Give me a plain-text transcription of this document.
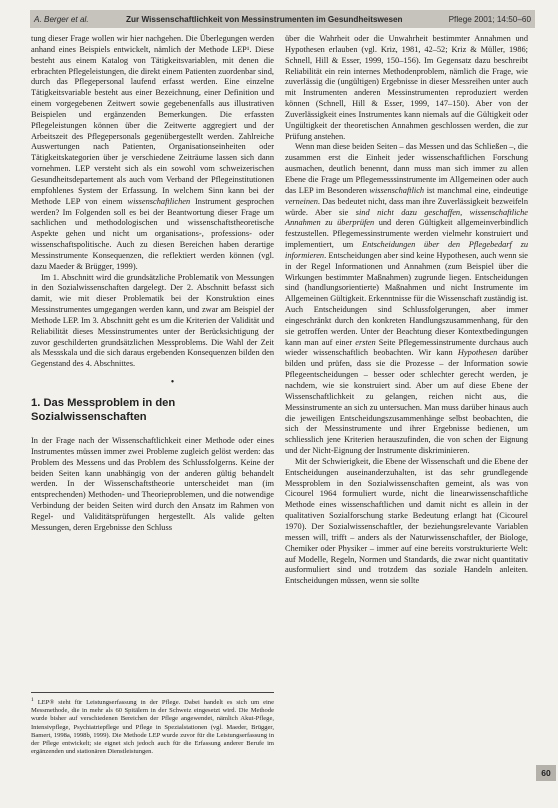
A. Berger et al.	Zur Wissenschaftlichkeit von Messinstrumenten im Gesundheitswesen	Pflege 2001; 14:50–60

tung dieser Frage wollen wir hier nachgehen. Die Überlegungen werden anhand eines Beispiels entwickelt, nämlich der Methode LEP¹. Diese besteht aus einem Katalog von Tätigkeitsvariablen, mit denen die erbrachten Pflegeleistungen, die direkt einem Patienten zuordenbar sind, durch das Pflegepersonal laufend erfasst werden. Eine einzelne Tätigkeitsvariable besteht aus einer Bezeichnung, einer Definition und einem vorgegebenen Zeitwert sowie gegebenenfalls aus illustrativen Beispielen und ergänzenden Bemerkungen. Die erfassten Pflegeleistungen können über die Zeitwerte aggregiert und der Arbeitszeit des Pflegepersonals gegenübergestellt werden. Zahlreiche Auswertungen nach Patienten, Organisationseinheiten oder Tätigkeitskategorien über je verschiedene Zeiträume lassen sich dann vornehmen. LEP versteht sich als ein sowohl vom schweizerischen Gesundheitsdepartement als auch vom Verband der Pflegeinstitutionen empfohlenes System der Erfassung. In welchem Sinn kann bei der Methode LEP von einem wissenschaftlichen Instrument gesprochen werden? Im Folgenden soll es bei der Beantwortung dieser Frage um sachlichen und methodologischen und wissenschaftstheoretische Aspekte gehen und nicht um organisations-, professions- oder wissenschaftspolitische. Auch zu diesen Bereichen haben derartige Messinstrumente Konsequenzen, die reflektiert werden können (vgl. dazu Maeder & Brügger, 1999).

Im 1. Abschnitt wird die grundsätzliche Problematik von Messungen in den Sozialwissenschaften dargelegt. Der 2. Abschnitt befasst sich damit, wie mit dieser Problematik bei der Konstruktion eines Messinstrumentes umgegangen werden kann, und zwar am Beispiel der Methode LEP. Im 3. Abschnitt geht es um die Kriterien der Validität und Reliabilität dieses Messinstrumentes unter der Berücksichtigung der zuvor geschilderten grundsätzlichen Messproblems. Die Wahl der Zeit als Messskala und die sich daraus ergebenden Konsequenzen bilden den Gegenstand des 4. Abschnittes.

•
1. Das Messproblem in den Sozialwissenschaften

In der Frage nach der Wissenschaftlichkeit einer Methode oder eines Instrumentes müssen immer zwei Probleme zugleich gelöst werden: das Problem des Messens und das Problem des Schlussfolgerns. Keine der beiden Seiten kann unabhängig von der anderen gültig behandelt werden. In der Wissenschaftstheorie unterscheidet man (im entsprechenden) Methoden- und Theorieproblemen, und die notwendige Verbindung der beiden Seiten wird durch den Ansatz im Rahmen von Regel- und Validitätsprüfungen hergestellt. Als valide gelten Messungen, deren Ergebnisse den Schluss

$^1$ LEP® steht für Leistungserfassung in der Pflege. Dabei handelt es sich um eine Messmethode, die in mehr als 60 Spitälern in der Schweiz eingesetzt wird. Die Methode wurde bisher auf verschiedenen Bereichen der Pflege angewendet, nämlich Akut-Pflege, Intensivpflege, Psychiatriepflege und Pflege in Spezialstationen (vgl. Maeder, Brügger, Bamert, 1998a, 1998b, 1999). Die Methode LEP wurde zuvor für die Leistungserfassung in der Pflege entwickelt; sie eignet sich jedoch auch für die Erfassung anderer Berufe im ergänzenden und stationären Dienstleistungen.

über die Wahrheit oder die Unwahrheit bestimmter Annahmen und Hypothesen erlauben (vgl. Kriz, 1981, 42–52; Kriz & Müller, 1986; Schnell, Hill & Esser, 1999, 150–156). Im Gegensatz dazu beschreibt Reliabilität ein rein internes Methodenproblem, nämlich die Frage, wie zuverlässig die (ungültigen) Ergebnisse in dieser Messreihen unter auch mit Instrumenten anderen Messinstrumenten reproduziert werden können (Schnell, Hill & Esser, 1999, 147–150). Aber von der Zuverlässigkeit eines Instrumentes kann niemals auf die Gültigkeit oder Ungültigkeit der theoretischen Annahmen geschlossen werden, die zur Prüfung anstehen.

Wenn man diese beiden Seiten – das Messen und das Schließen –, die zusammen erst die Einheit jeder wissenschaftlichen Forschung ausmachen, deutlich benennt, dann muss man sich immer zu allen Ebene die Frage um Pflegemesssinstrumente im Allgemeinen oder auch das LEP im Besonderen wissenschaftlich ist manchmal eine, eindeutige verneinen. Das bedeutet nicht, dass man ihre Zuverlässigkeit bezweifeln würde. Aber sie sind nicht dazu geschaffen, wissenschaftliche Annahmen zu überprüfen und deren Gültigkeit allgemeinverbindlich festzustellen. Pflegemessinstrumente werden vielmehr konstruiert und implementiert, um Entscheidungen über den Pflegebedarf zu informieren. Entscheidungen aber sind keine Hypothesen, auch wenn sie in der Regel Informationen und Annahmen (zum Beispiel über die Wirkungen bestimmter Maßnahmen) zugrunde liegen. Entscheidungen sind (handlungsorientierte) Maßnahmen und nicht Instrumente im Allgemeinen Gültigkeit. Erkenntnisse für die Wissenschaft zuständig ist. Auch Entscheidungen sind Schlussfolgerungen, aber immer eingeschränkt durch den konkreten Handlungszusammenhang, für den sie getroffen werden. Unter der Beachtung dieser Kontextbedingungen kann man auf einer ersten Seite Pflegemessinstrumente durchaus auch wieder wissenschaftlich beobachten. Wir kann Hypothesen darüber bilden und prüfen, dass sie die Prozesse – der Information sowie Pflegeentscheidungen – besser oder schlechter gerecht werden, je nachdem, wie sie konstruiert sind. Aber um auf diese Ebene der Wissenschaftlichkeit zu gelangen, reichen nicht aus, die Messinstrumente an sich zu untersuchen. Man muss darüber hinaus auch die jeweiligen Entscheidungszusammenhänge selbst beobachten, die sich der Messinstrumente und ihrer Ergebnisse bedienen, um schliesslich jene Kriterien herauszufinden, die von schen der Eignung und der Nicht-Eignung der Instrumente diskriminieren.

Mit der Schwierigkeit, die Ebene der Wissenschaft und die Ebene der Entscheidungen auseinanderzuhalten, ist das sehr grundlegende Messproblem in den Sozialwissenschaften gemeint, als was von Cicourel 1964 formuliert wurde, nicht die linearwissenschaftliche Methode eines wissenschaftlichen und damit nicht es allein in der qualitativen Sozialforschung starke Bedeutung erlangt hat (Cicourel 1970). Der Sozialwissenschaftler, der beziehungsrelevante Variablen messen will, trifft – anders als der Naturwissenschaftler, der Biologe, Chemiker oder Physiker – immer auf eine bereits vorstrukturierte Welt: auf Modelle, Regeln, Normen und Standards, die zwar nicht quantitativ ausformuliert sind und trotzdem das soziale Handeln anleiten. Entscheidungen müssen, wenn sie sollte

60
